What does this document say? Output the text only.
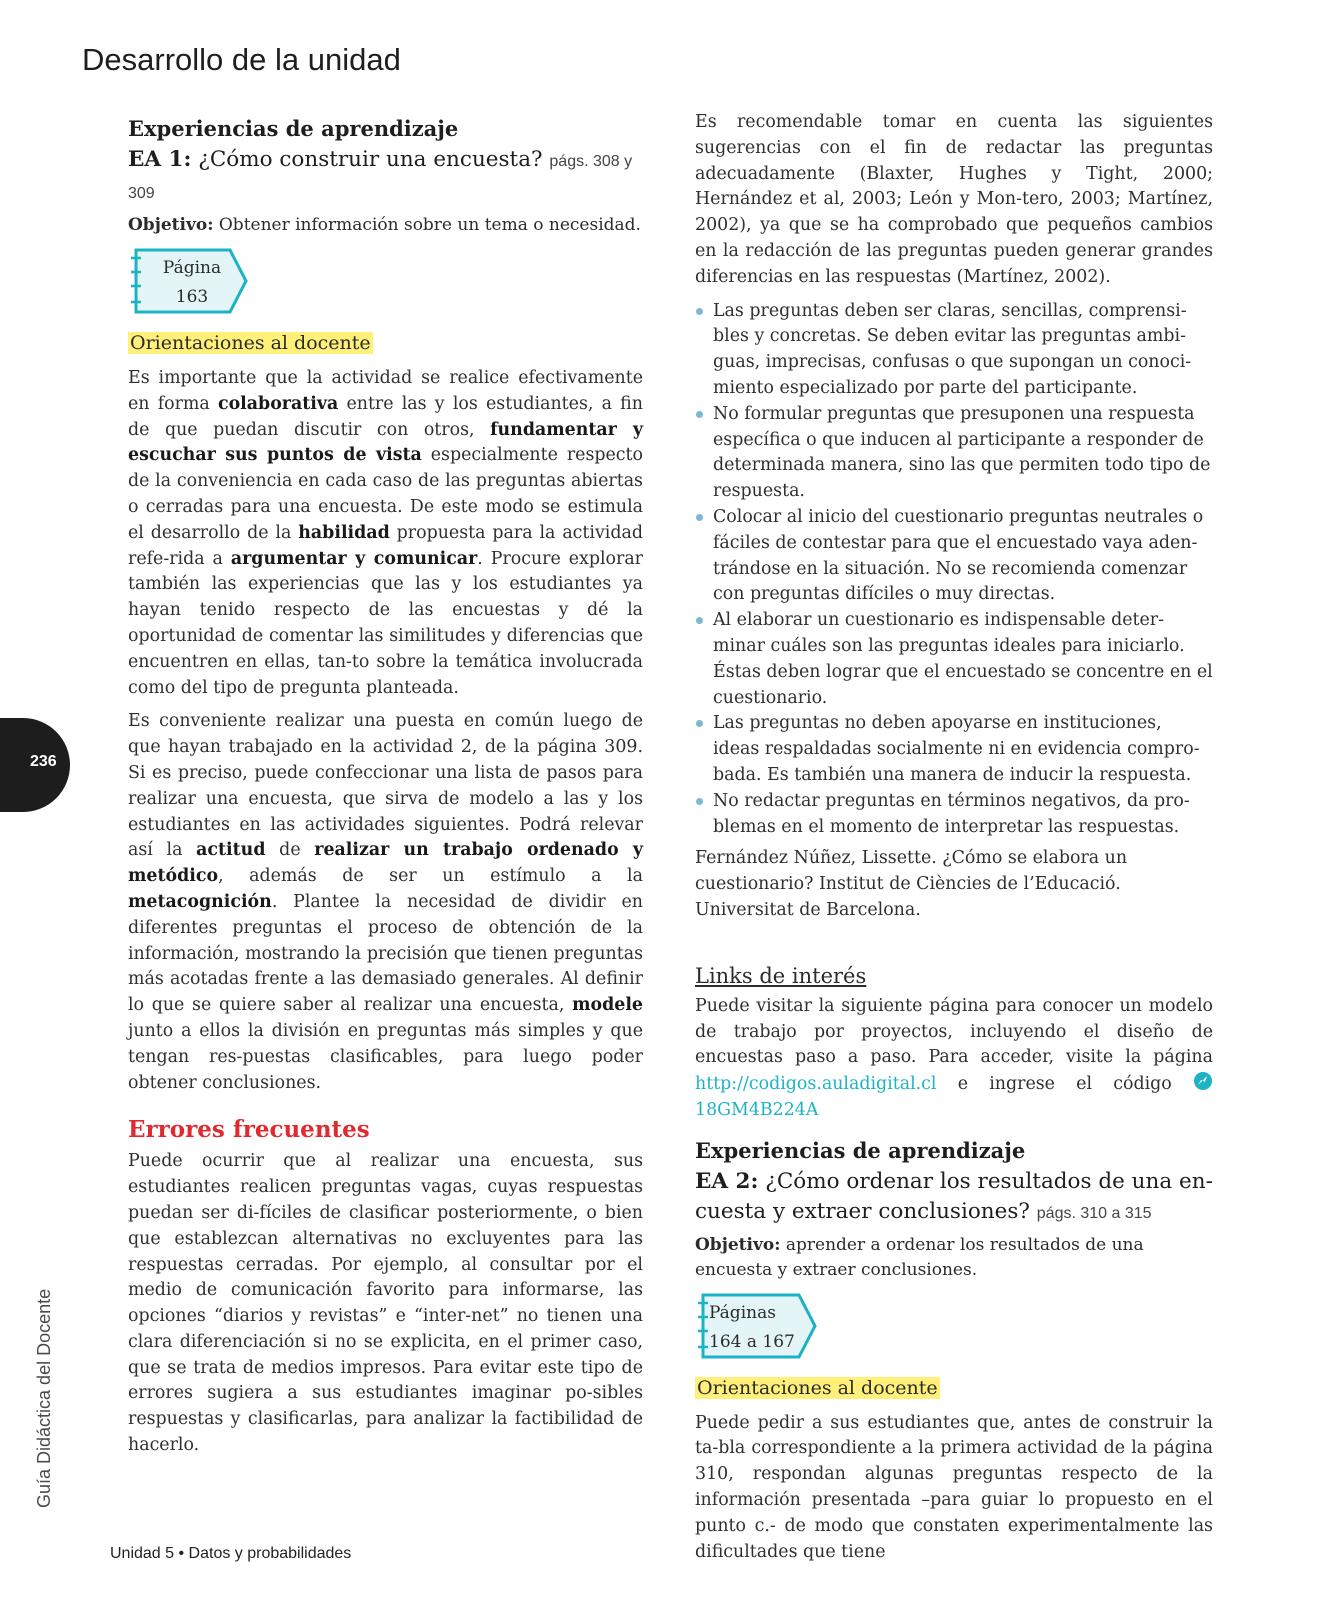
Desarrollo de la unidad
Experiencias de aprendizaje

EA 1: ¿Cómo construir una encuesta? págs. 308 y 309

Objetivo: Obtener información sobre un tema o necesidad.

Página
163
Orientaciones al docente

Es importante que la actividad se realice efectivamente en forma colaborativa entre las y los estudiantes, a fin de que puedan discutir con otros, fundamentar y escuchar sus puntos de vista especialmente respecto de la conveniencia en cada caso de las preguntas abiertas o cerradas para una encuesta. De este modo se estimula el desarrollo de la habilidad propuesta para la actividad refe-rida a argumentar y comunicar. Procure explorar también las experiencias que las y los estudiantes ya hayan tenido respecto de las encuestas y dé la oportunidad de comentar las similitudes y diferencias que encuentren en ellas, tan-to sobre la temática involucrada como del tipo de pregunta planteada.

Es conveniente realizar una puesta en común luego de que hayan trabajado en la actividad 2, de la página 309. Si es preciso, puede confeccionar una lista de pasos para realizar una encuesta, que sirva de modelo a las y los estudiantes en las actividades siguientes. Podrá relevar así la actitud de realizar un trabajo ordenado y metódico, además de ser un estímulo a la metacognición. Plantee la necesidad de dividir en diferentes preguntas el proceso de obtención de la información, mostrando la precisión que tienen preguntas más acotadas frente a las demasiado generales. Al definir lo que se quiere saber al realizar una encuesta, modele junto a ellos la división en preguntas más simples y que tengan res-puestas clasificables, para luego poder obtener conclusiones.

Errores frecuentes

Puede ocurrir que al realizar una encuesta, sus estudiantes realicen preguntas vagas, cuyas respuestas puedan ser di-fíciles de clasificar posteriormente, o bien que establezcan alternativas no excluyentes para las respuestas cerradas. Por ejemplo, al consultar por el medio de comunicación favorito para informarse, las opciones “diarios y revistas” e “inter-net” no tienen una clara diferenciación si no se explicita, en el primer caso, que se trata de medios impresos. Para evitar este tipo de errores sugiera a sus estudiantes imaginar po-sibles respuestas y clasificarlas, para analizar la factibilidad de hacerlo.

Es recomendable tomar en cuenta las siguientes sugerencias con el fin de redactar las preguntas adecuadamente (Blaxter, Hughes y Tight, 2000; Hernández et al, 2003; León y Mon-tero, 2003; Martínez, 2002), ya que se ha comprobado que pequeños cambios en la redacción de las preguntas pueden generar grandes diferencias en las respuestas (Martínez, 2002).

Las preguntas deben ser claras, sencillas, comprensi-bles y concretas. Se deben evitar las preguntas ambi-guas, imprecisas, confusas o que supongan un conoci-miento especializado por parte del participante.
No formular preguntas que presuponen una respuesta específica o que inducen al participante a responder de determinada manera, sino las que permiten todo tipo de respuesta.
Colocar al inicio del cuestionario preguntas neutrales o fáciles de contestar para que el encuestado vaya aden-trándose en la situación. No se recomienda comenzar con preguntas difíciles o muy directas.
Al elaborar un cuestionario es indispensable deter-minar cuáles son las preguntas ideales para iniciarlo. Éstas deben lograr que el encuestado se concentre en el cuestionario.
Las preguntas no deben apoyarse en instituciones, ideas respaldadas socialmente ni en evidencia compro-bada. Es también una manera de inducir la respuesta.
No redactar preguntas en términos negativos, da pro-blemas en el momento de interpretar las respuestas.

Fernández Núñez, Lissette. ¿Cómo se elabora un cuestionario? Institut de Ciències de l’Educació. Universitat de Barcelona.

Links de interés

Puede visitar la siguiente página para conocer un modelo de trabajo por proyectos, incluyendo el diseño de encuestas paso a paso. Para acceder, visite la página http://codigos.auladigital.cl e ingrese el código 18GM4B224A

Experiencias de aprendizaje

EA 2: ¿Cómo ordenar los resultados de una en-cuesta y extraer conclusiones? págs. 310 a 315

Objetivo: aprender a ordenar los resultados de una encuesta y extraer conclusiones.

Páginas
164 a 167
Orientaciones al docente

Puede pedir a sus estudiantes que, antes de construir la ta-bla correspondiente a la primera actividad de la página 310, respondan algunas preguntas respecto de la información presentada –para guiar lo propuesto en el punto c.- de modo que constaten experimentalmente las dificultades que tiene

236
Guía Didáctica del Docente
Unidad 5 • Datos y probabilidades
